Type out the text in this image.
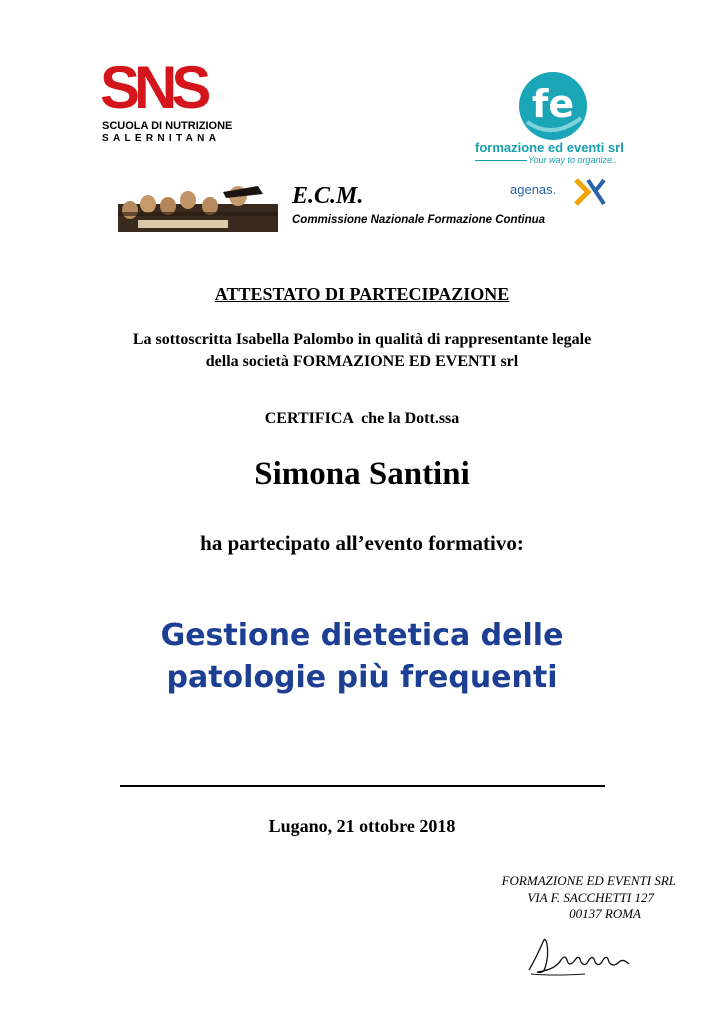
SNS
SCUOLA DI NUTRIZIONE
SALERNITANA
fe
formazione ed eventi srl
Your way to organize..
E.C.M.
Commissione Nazionale Formazione Continua
agenas.
ATTESTATO DI PARTECIPAZIONE
La sottoscritta Isabella Palombo in qualità di rappresentante legale
della società FORMAZIONE ED EVENTI srl
CERTIFICA  che la Dott.ssa
Simona Santini
ha partecipato all’evento formativo:
Gestione dietetica delle
patologie più frequenti
Lugano, 21 ottobre 2018
FORMAZIONE ED EVENTI SRL
VIA F. SACCHETTI 127
00137 ROMA
